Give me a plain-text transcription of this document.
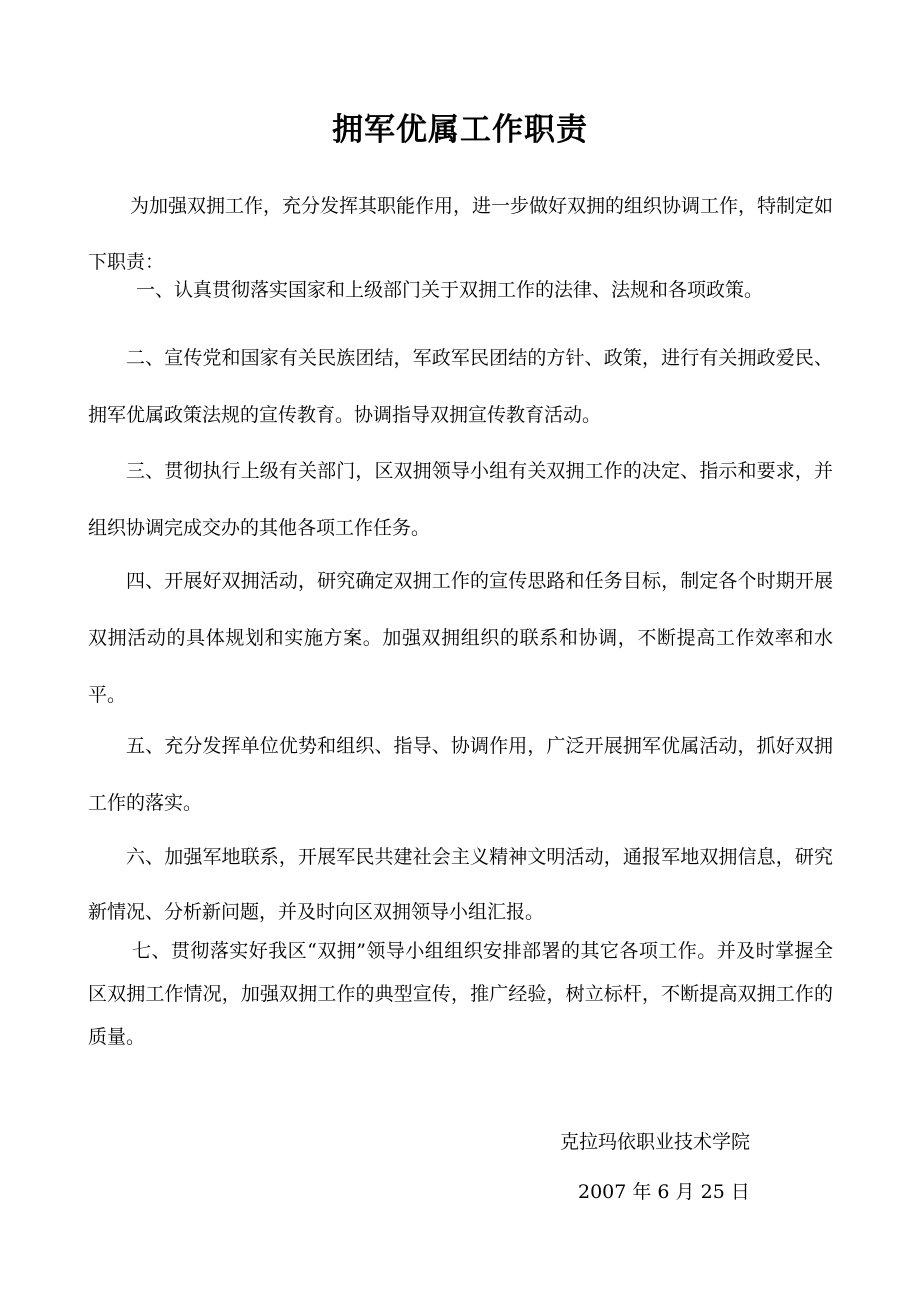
拥军优属工作职责

为加强双拥工作，充分发挥其职能作用，进一步做好双拥的组织协调工作，特制定如下职责：

一、认真贯彻落实国家和上级部门关于双拥工作的法律、法规和各项政策。

二、宣传党和国家有关民族团结，军政军民团结的方针、政策，进行有关拥政爱民、拥军优属政策法规的宣传教育。协调指导双拥宣传教育活动。

三、贯彻执行上级有关部门，区双拥领导小组有关双拥工作的决定、指示和要求，并组织协调完成交办的其他各项工作任务。

四、开展好双拥活动，研究确定双拥工作的宣传思路和任务目标，制定各个时期开展双拥活动的具体规划和实施方案。加强双拥组织的联系和协调，不断提高工作效率和水平。

五、充分发挥单位优势和组织、指导、协调作用，广泛开展拥军优属活动，抓好双拥工作的落实。

六、加强军地联系，开展军民共建社会主义精神文明活动，通报军地双拥信息，研究新情况、分析新问题，并及时向区双拥领导小组汇报。

七、贯彻落实好我区“双拥”领导小组组织安排部署的其它各项工作。并及时掌握全区双拥工作情况，加强双拥工作的典型宣传，推广经验，树立标杆，不断提高双拥工作的质量。

克拉玛依职业技术学院

2007 年 6 月 25 日
